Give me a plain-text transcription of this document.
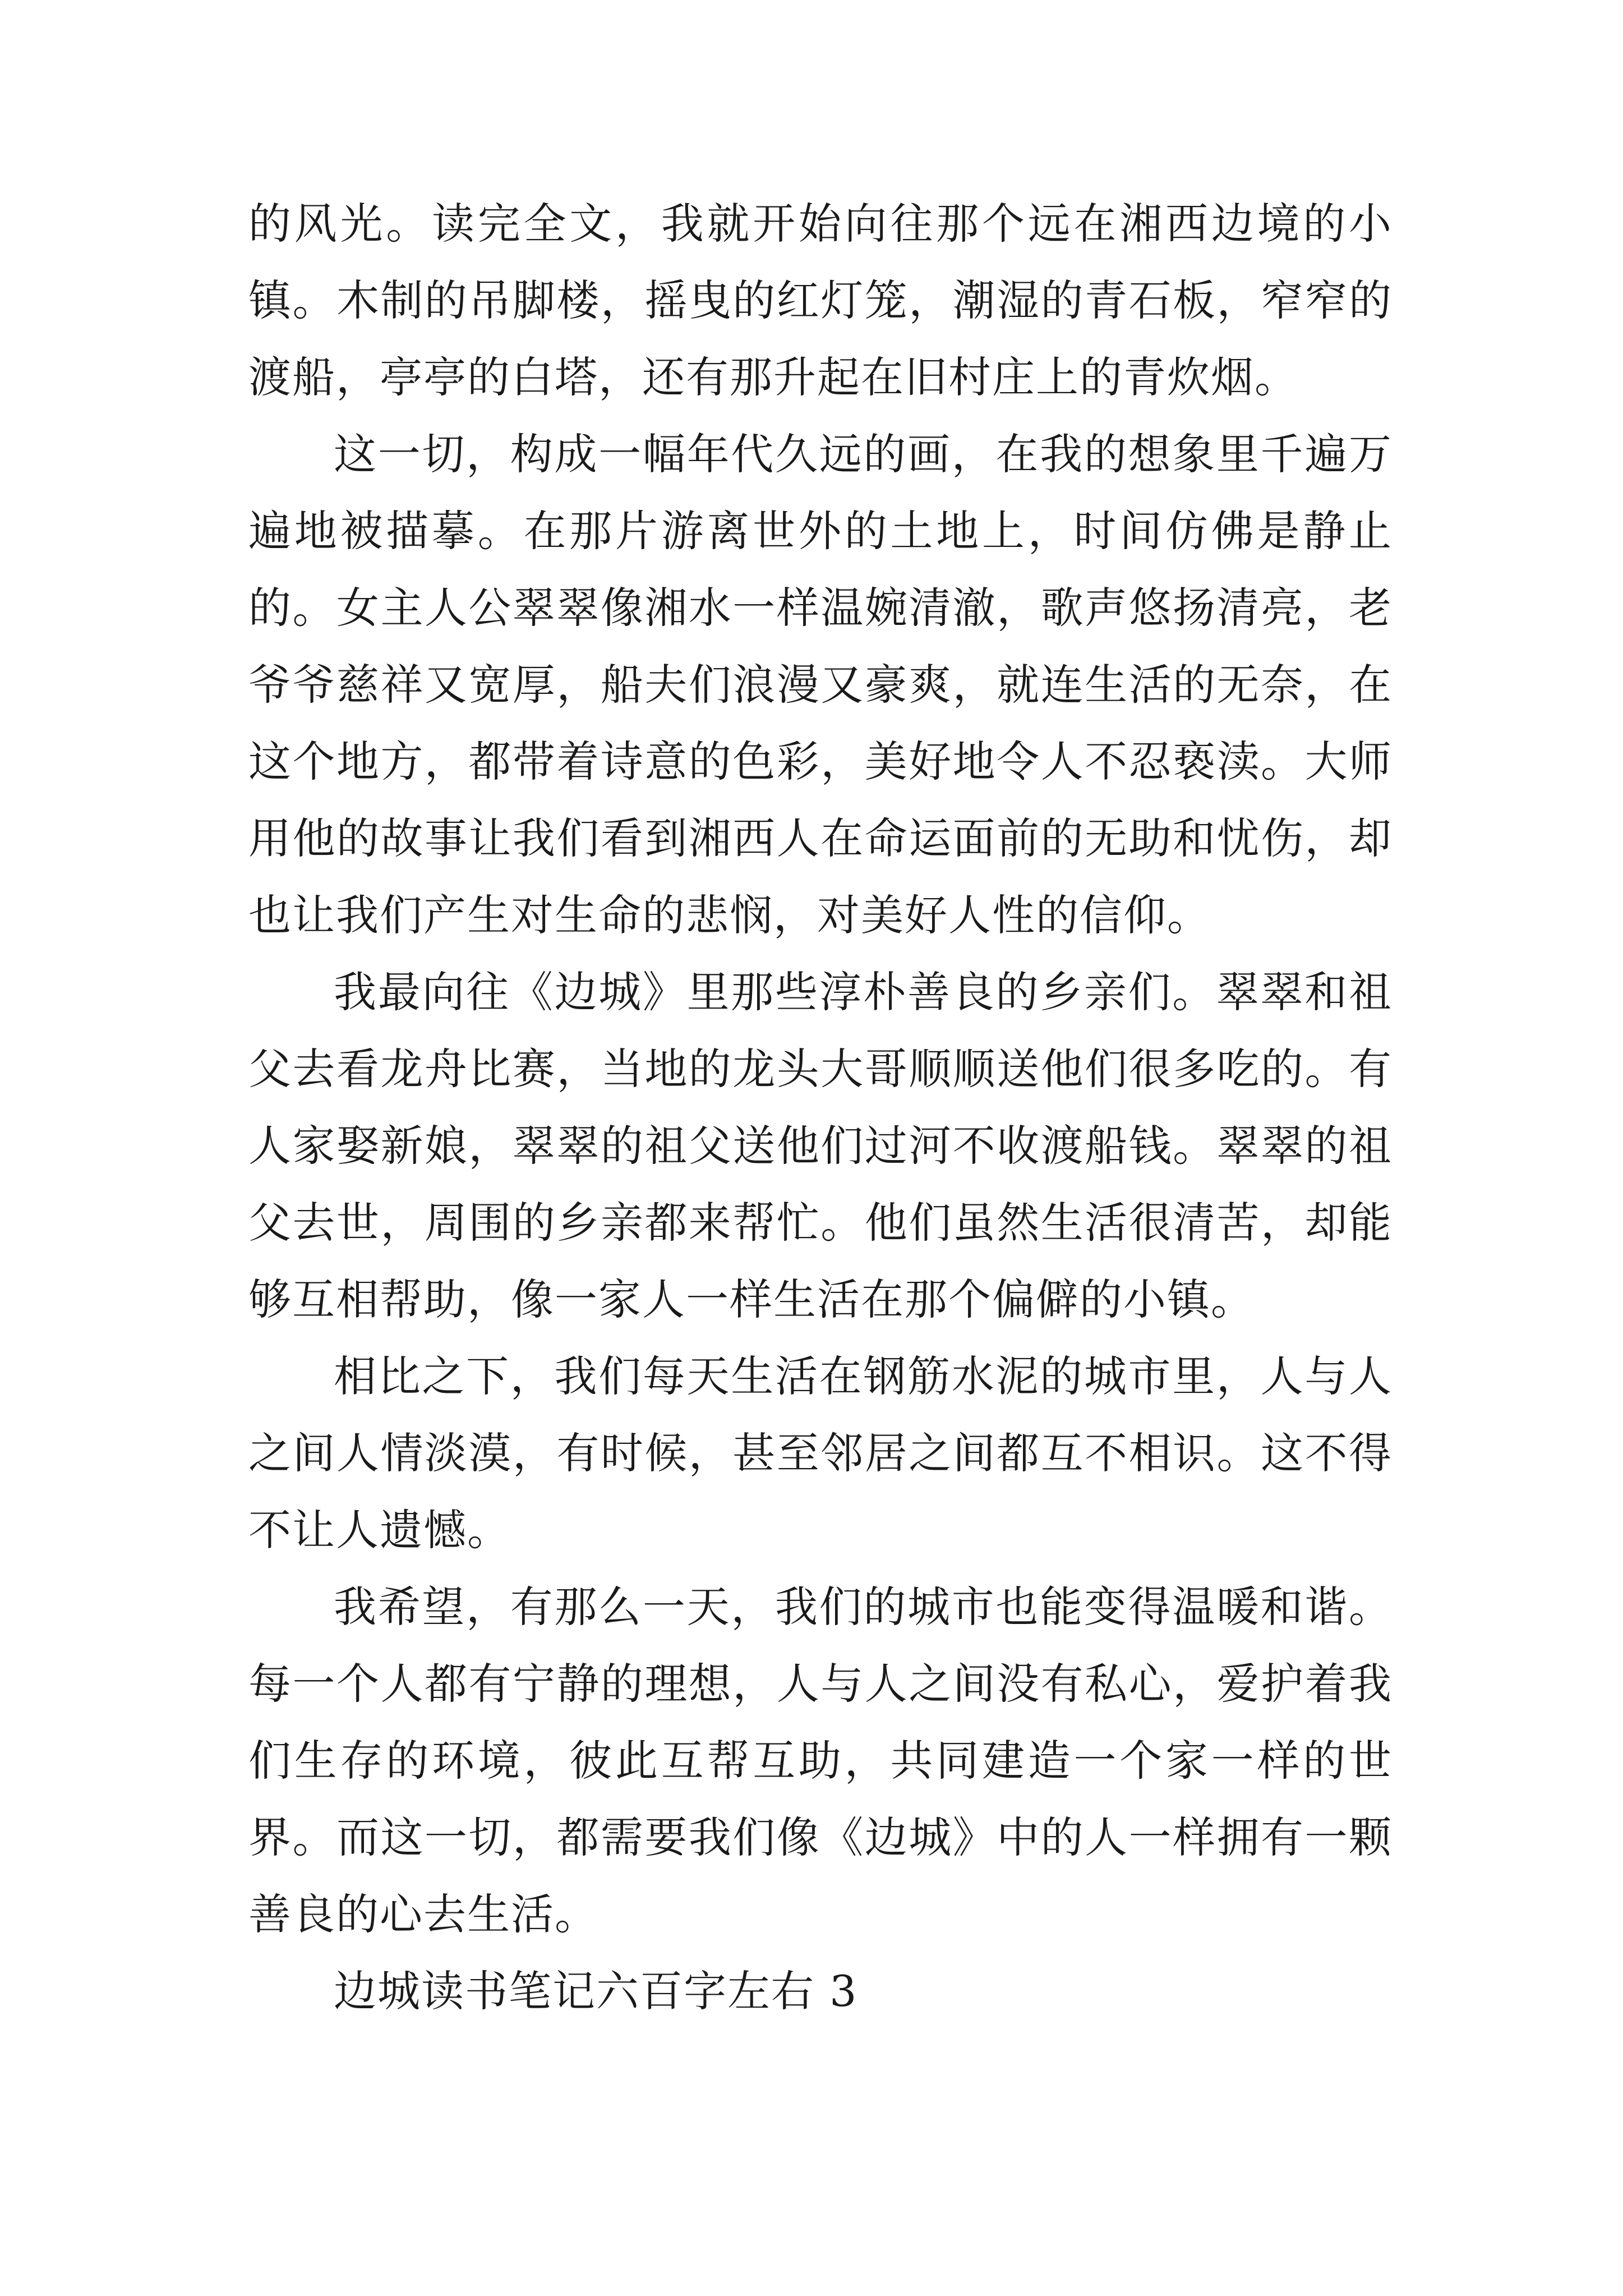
的风光。读完全文，我就开始向往那个远在湘西边境的小镇。木制的吊脚楼，摇曳的红灯笼，潮湿的青石板，窄窄的渡船，亭亭的白塔，还有那升起在旧村庄上的青炊烟。

这一切，构成一幅年代久远的画，在我的想象里千遍万遍地被描摹。在那片游离世外的土地上，时间仿佛是静止的。女主人公翠翠像湘水一样温婉清澈，歌声悠扬清亮，老爷爷慈祥又宽厚，船夫们浪漫又豪爽，就连生活的无奈，在这个地方，都带着诗意的色彩，美好地令人不忍亵渎。大师用他的故事让我们看到湘西人在命运面前的无助和忧伤，却也让我们产生对生命的悲悯，对美好人性的信仰。

我最向往《边城》里那些淳朴善良的乡亲们。翠翠和祖父去看龙舟比赛，当地的龙头大哥顺顺送他们很多吃的。有人家娶新娘，翠翠的祖父送他们过河不收渡船钱。翠翠的祖父去世，周围的乡亲都来帮忙。他们虽然生活很清苦，却能够互相帮助，像一家人一样生活在那个偏僻的小镇。

相比之下，我们每天生活在钢筋水泥的城市里，人与人之间人情淡漠，有时候，甚至邻居之间都互不相识。这不得不让人遗憾。

我希望，有那么一天，我们的城市也能变得温暖和谐。每一个人都有宁静的理想，人与人之间没有私心，爱护着我们生存的环境，彼此互帮互助，共同建造一个家一样的世界。而这一切，都需要我们像《边城》中的人一样拥有一颗善良的心去生活。

边城读书笔记六百字左右 3
